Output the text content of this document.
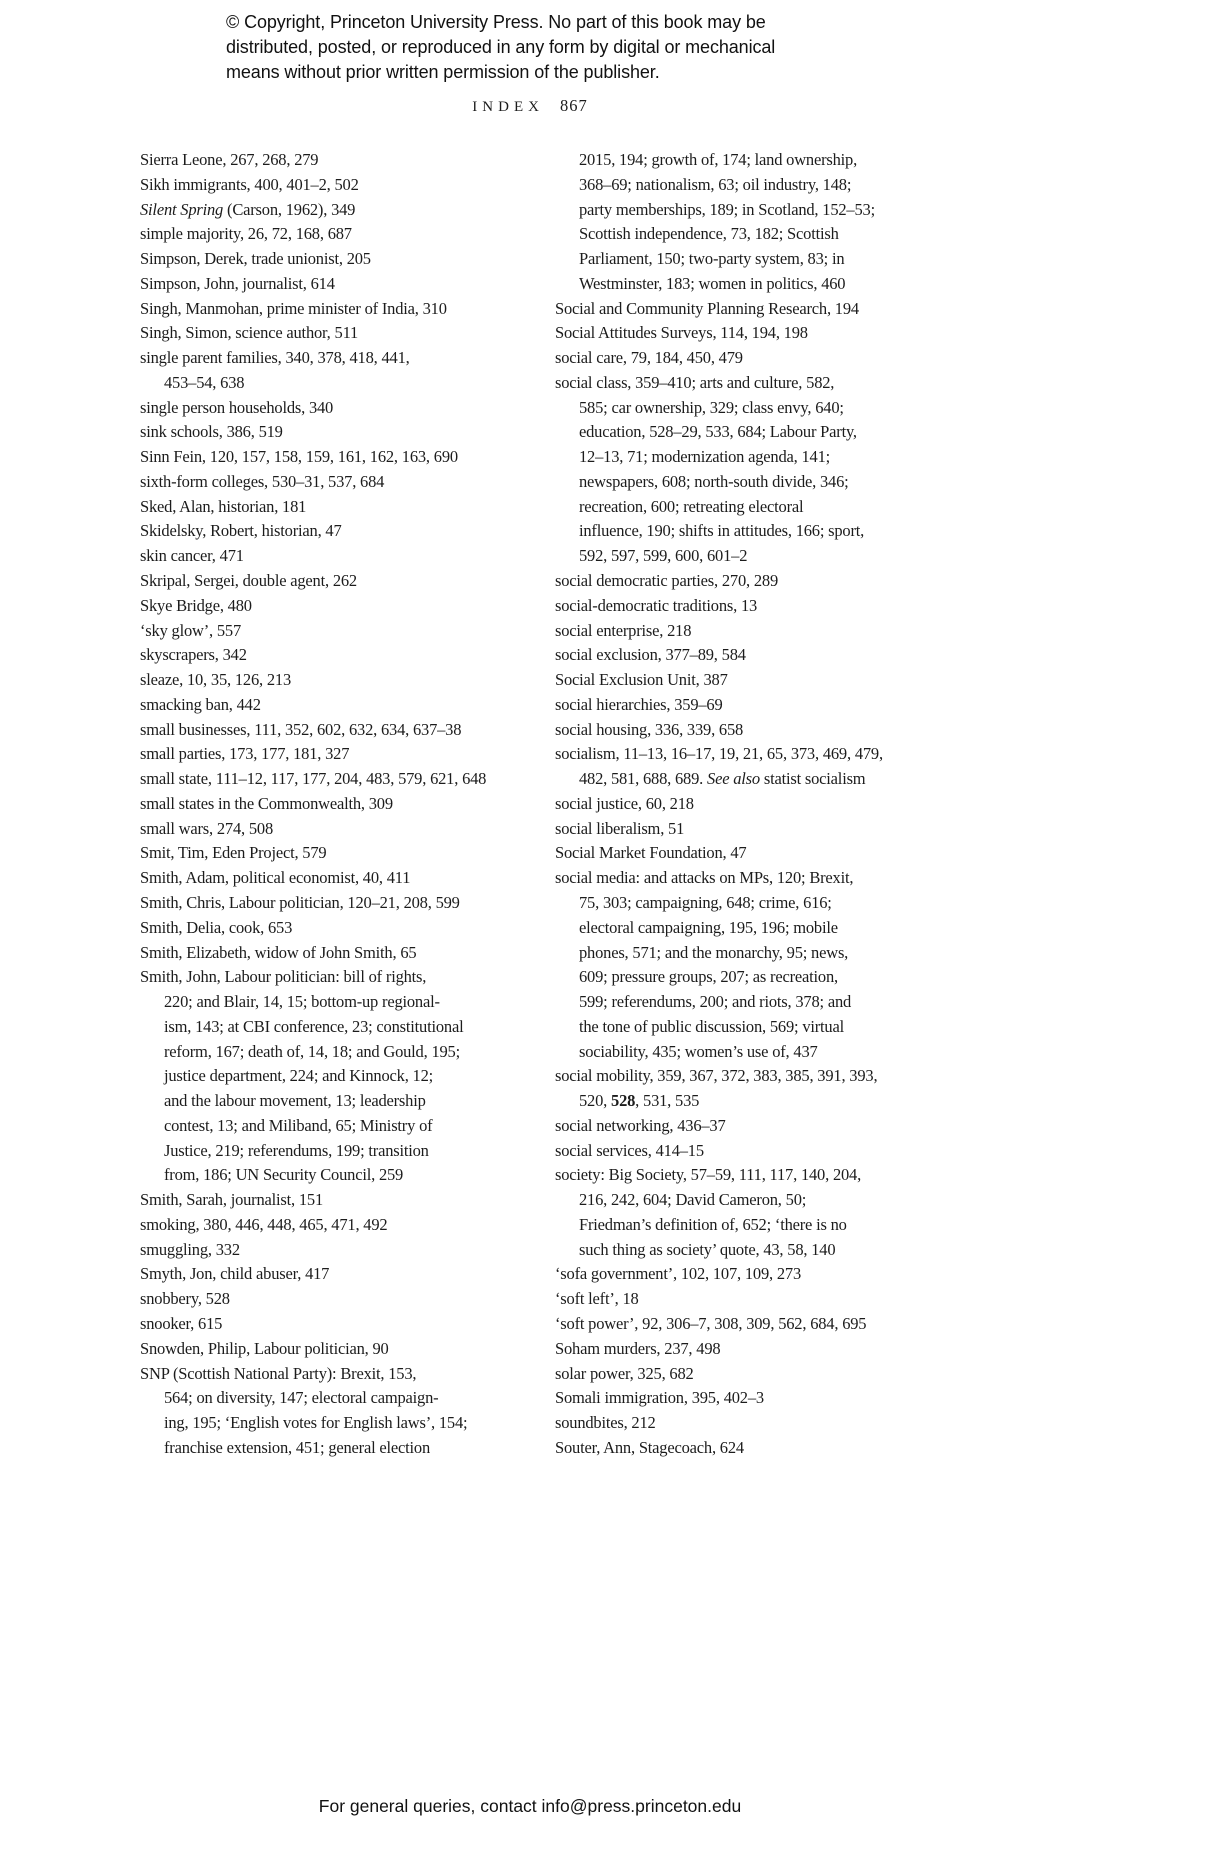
© Copyright, Princeton University Press. No part of this book may be
distributed, posted, or reproduced in any form by digital or mechanical
means without prior written permission of the publisher.
INDEX 867
Sierra Leone, 267, 268, 279
Sikh immigrants, 400, 401–2, 502
Silent Spring (Carson, 1962), 349
simple majority, 26, 72, 168, 687
Simpson, Derek, trade unionist, 205
Simpson, John, journalist, 614
Singh, Manmohan, prime minister of India, 310
Singh, Simon, science author, 511
single parent families, 340, 378, 418, 441,
453–54, 638
single person households, 340
sink schools, 386, 519
Sinn Fein, 120, 157, 158, 159, 161, 162, 163, 690
sixth-form colleges, 530–31, 537, 684
Sked, Alan, historian, 181
Skidelsky, Robert, historian, 47
skin cancer, 471
Skripal, Sergei, double agent, 262
Skye Bridge, 480
‘sky glow’, 557
skyscrapers, 342
sleaze, 10, 35, 126, 213
smacking ban, 442
small businesses, 111, 352, 602, 632, 634, 637–38
small parties, 173, 177, 181, 327
small state, 111–12, 117, 177, 204, 483, 579, 621, 648
small states in the Commonwealth, 309
small wars, 274, 508
Smit, Tim, Eden Project, 579
Smith, Adam, political economist, 40, 411
Smith, Chris, Labour politician, 120–21, 208, 599
Smith, Delia, cook, 653
Smith, Elizabeth, widow of John Smith, 65
Smith, John, Labour politician: bill of rights,
220; and Blair, 14, 15; bottom-up regional-
ism, 143; at CBI conference, 23; constitutional
reform, 167; death of, 14, 18; and Gould, 195;
justice department, 224; and Kinnock, 12;
and the labour movement, 13; leadership
contest, 13; and Miliband, 65; Ministry of
Justice, 219; referendums, 199; transition
from, 186; UN Security Council, 259
Smith, Sarah, journalist, 151
smoking, 380, 446, 448, 465, 471, 492
smuggling, 332
Smyth, Jon, child abuser, 417
snobbery, 528
snooker, 615
Snowden, Philip, Labour politician, 90
SNP (Scottish National Party): Brexit, 153,
564; on diversity, 147; electoral campaign-
ing, 195; ‘English votes for English laws’, 154;
franchise extension, 451; general election
2015, 194; growth of, 174; land ownership,
368–69; nationalism, 63; oil industry, 148;
party memberships, 189; in Scotland, 152–53;
Scottish independence, 73, 182; Scottish
Parliament, 150; two-party system, 83; in
Westminster, 183; women in politics, 460
Social and Community Planning Research, 194
Social Attitudes Surveys, 114, 194, 198
social care, 79, 184, 450, 479
social class, 359–410; arts and culture, 582,
585; car ownership, 329; class envy, 640;
education, 528–29, 533, 684; Labour Party,
12–13, 71; modernization agenda, 141;
newspapers, 608; north-south divide, 346;
recreation, 600; retreating electoral
influence, 190; shifts in attitudes, 166; sport,
592, 597, 599, 600, 601–2
social democratic parties, 270, 289
social-democratic traditions, 13
social enterprise, 218
social exclusion, 377–89, 584
Social Exclusion Unit, 387
social hierarchies, 359–69
social housing, 336, 339, 658
socialism, 11–13, 16–17, 19, 21, 65, 373, 469, 479,
482, 581, 688, 689. See also statist socialism
social justice, 60, 218
social liberalism, 51
Social Market Foundation, 47
social media: and attacks on MPs, 120; Brexit,
75, 303; campaigning, 648; crime, 616;
electoral campaigning, 195, 196; mobile
phones, 571; and the monarchy, 95; news,
609; pressure groups, 207; as recreation,
599; referendums, 200; and riots, 378; and
the tone of public discussion, 569; virtual
sociability, 435; women’s use of, 437
social mobility, 359, 367, 372, 383, 385, 391, 393,
520, 528, 531, 535
social networking, 436–37
social services, 414–15
society: Big Society, 57–59, 111, 117, 140, 204,
216, 242, 604; David Cameron, 50;
Friedman’s definition of, 652; ‘there is no
such thing as society’ quote, 43, 58, 140
‘sofa government’, 102, 107, 109, 273
‘soft left’, 18
‘soft power’, 92, 306–7, 308, 309, 562, 684, 695
Soham murders, 237, 498
solar power, 325, 682
Somali immigration, 395, 402–3
soundbites, 212
Souter, Ann, Stagecoach, 624
For general queries, contact info@press.princeton.edu
